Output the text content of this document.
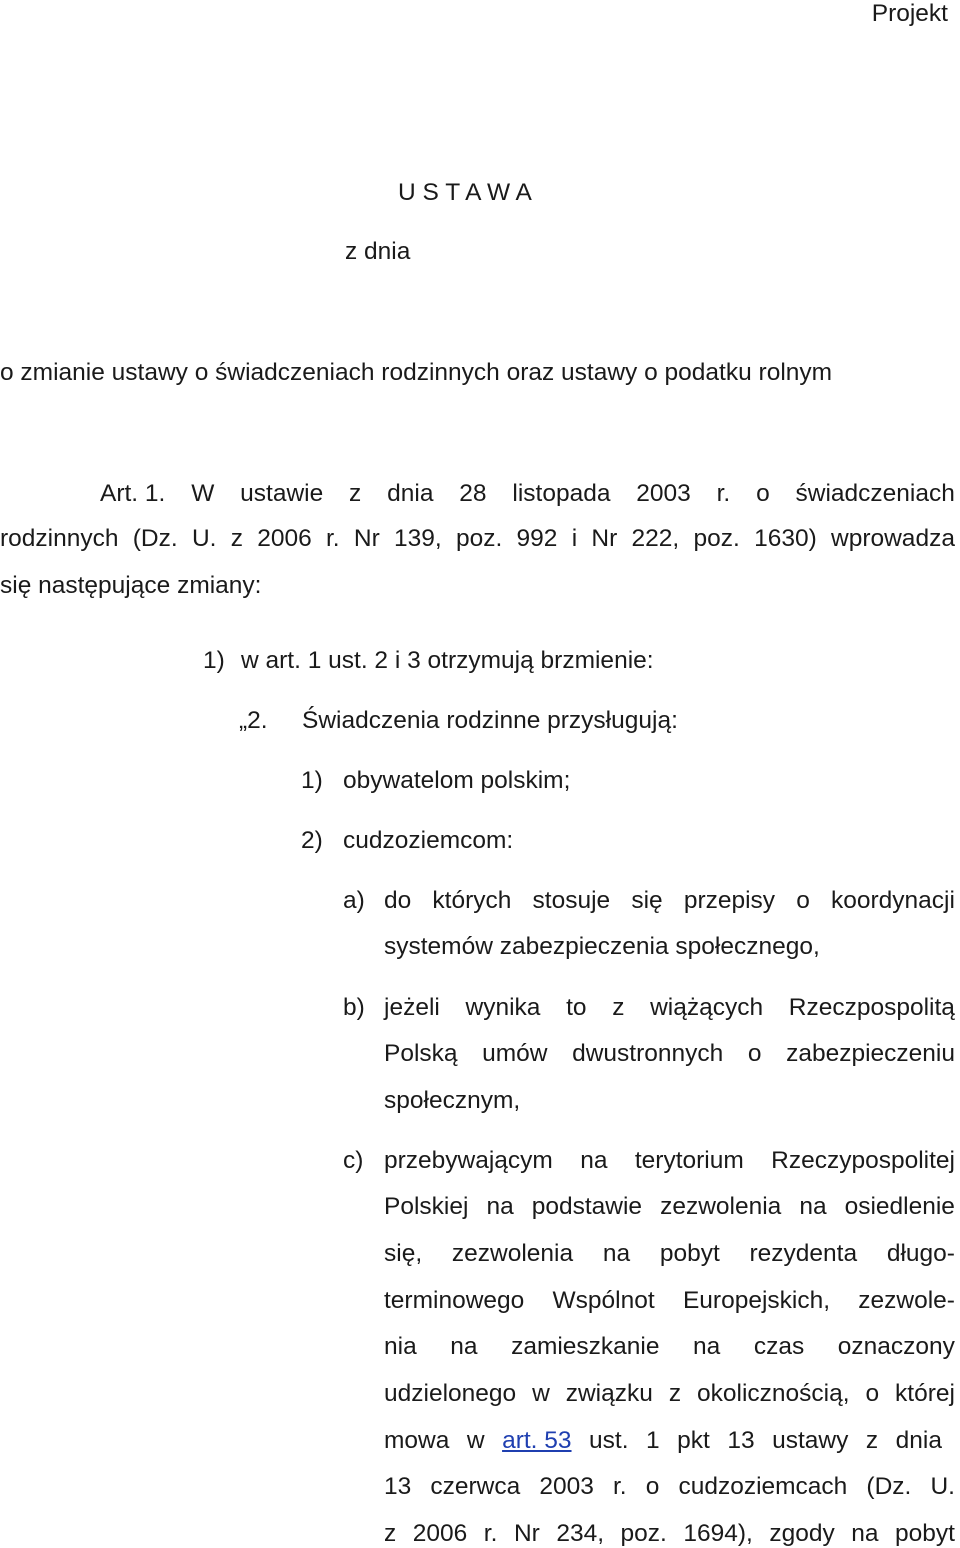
Projekt
U S T A W A
z dnia
o zmianie ustawy o świadczeniach rodzinnych oraz ustawy o podatku rolnym
Art. 1. W ustawie z dnia 28 listopada 2003 r. o świadczeniach
rodzinnych (Dz. U. z 2006 r. Nr 139, poz. 992 i Nr 222, poz. 1630) wprowadza
się następujące zmiany:
1) w art. 1 ust. 2 i 3 otrzymują brzmienie:
„2. Świadczenia rodzinne przysługują:
1) obywatelom polskim;
2) cudzoziemcom:
a) do których stosuje się przepisy o koordynacji
systemów zabezpieczenia społecznego,
b) jeżeli wynika to z wiążących Rzeczpospolitą
Polską umów dwustronnych o zabezpieczeniu
społecznym,
c) przebywającym na terytorium Rzeczypospolitej
Polskiej na podstawie zezwolenia na osiedlenie
się, zezwolenia na pobyt rezydenta długo-
terminowego Wspólnot Europejskich, zezwole-
nia na zamieszkanie na czas oznaczony
udzielonego w związku z okolicznością, o której
mowa w art. 53 ust. 1 pkt 13 ustawy z dnia
13 czerwca 2003 r. o cudzoziemcach (Dz. U.
z 2006 r. Nr 234, poz. 1694), zgody na pobyt
